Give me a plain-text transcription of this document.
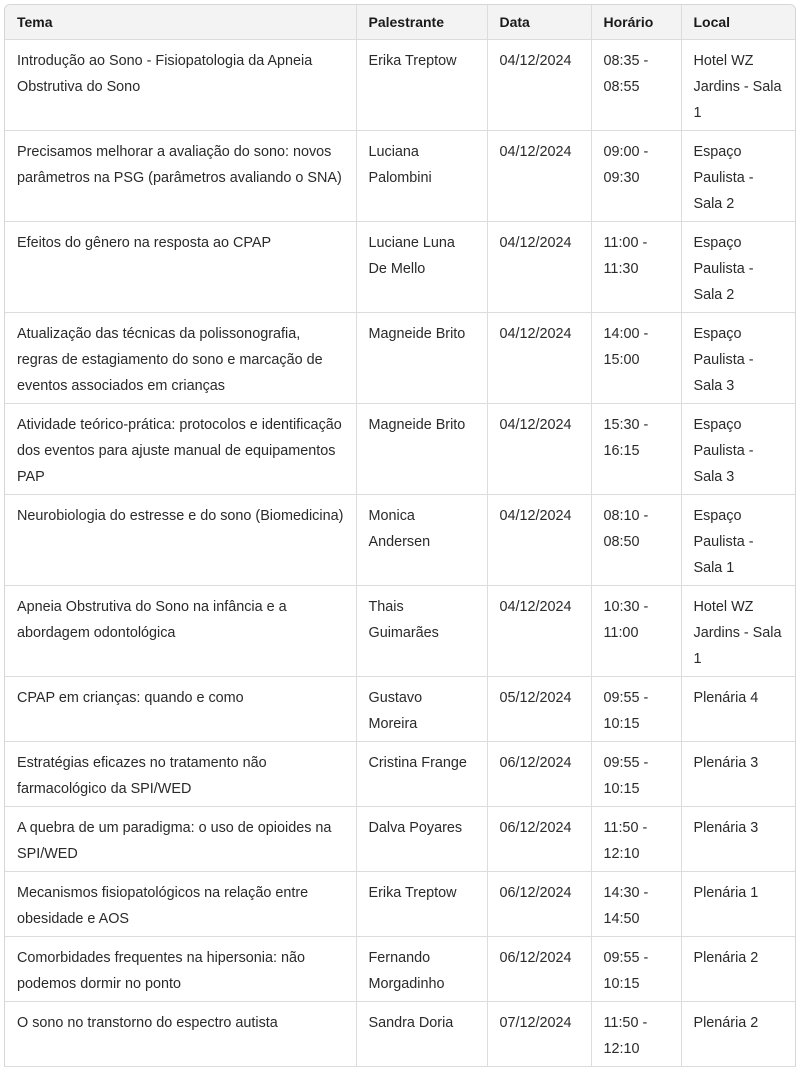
Tema	Palestrante	Data	Horário	Local
Introdução ao Sono - Fisiopatologia da Apneia Obstrutiva do Sono	Erika Treptow	04/12/2024	08:35 - 08:55	Hotel WZ Jardins - Sala 1
Precisamos melhorar a avaliação do sono: novos parâmetros na PSG (parâmetros avaliando o SNA)	Luciana Palombini	04/12/2024	09:00 - 09:30	Espaço Paulista - Sala 2
Efeitos do gênero na resposta ao CPAP	Luciane Luna De Mello	04/12/2024	11:00 - 11:30	Espaço Paulista - Sala 2
Atualização das técnicas da polissonografia, regras de estagiamento do sono e marcação de eventos associados em crianças	Magneide Brito	04/12/2024	14:00 - 15:00	Espaço Paulista - Sala 3
Atividade teórico-prática: protocolos e identificação dos eventos para ajuste manual de equipamentos PAP	Magneide Brito	04/12/2024	15:30 - 16:15	Espaço Paulista - Sala 3
Neurobiologia do estresse e do sono (Biomedicina)	Monica Andersen	04/12/2024	08:10 - 08:50	Espaço Paulista - Sala 1
Apneia Obstrutiva do Sono na infância e a abordagem odontológica	Thais Guimarães	04/12/2024	10:30 - 11:00	Hotel WZ Jardins - Sala 1
CPAP em crianças: quando e como	Gustavo Moreira	05/12/2024	09:55 - 10:15	Plenária 4
Estratégias eficazes no tratamento não farmacológico da SPI/WED	Cristina Frange	06/12/2024	09:55 - 10:15	Plenária 3
A quebra de um paradigma: o uso de opioides na SPI/WED	Dalva Poyares	06/12/2024	11:50 - 12:10	Plenária 3
Mecanismos fisiopatológicos na relação entre obesidade e AOS	Erika Treptow	06/12/2024	14:30 - 14:50	Plenária 1
Comorbidades frequentes na hipersonia: não podemos dormir no ponto	Fernando Morgadinho	06/12/2024	09:55 - 10:15	Plenária 2
O sono no transtorno do espectro autista	Sandra Doria	07/12/2024	11:50 - 12:10	Plenária 2
